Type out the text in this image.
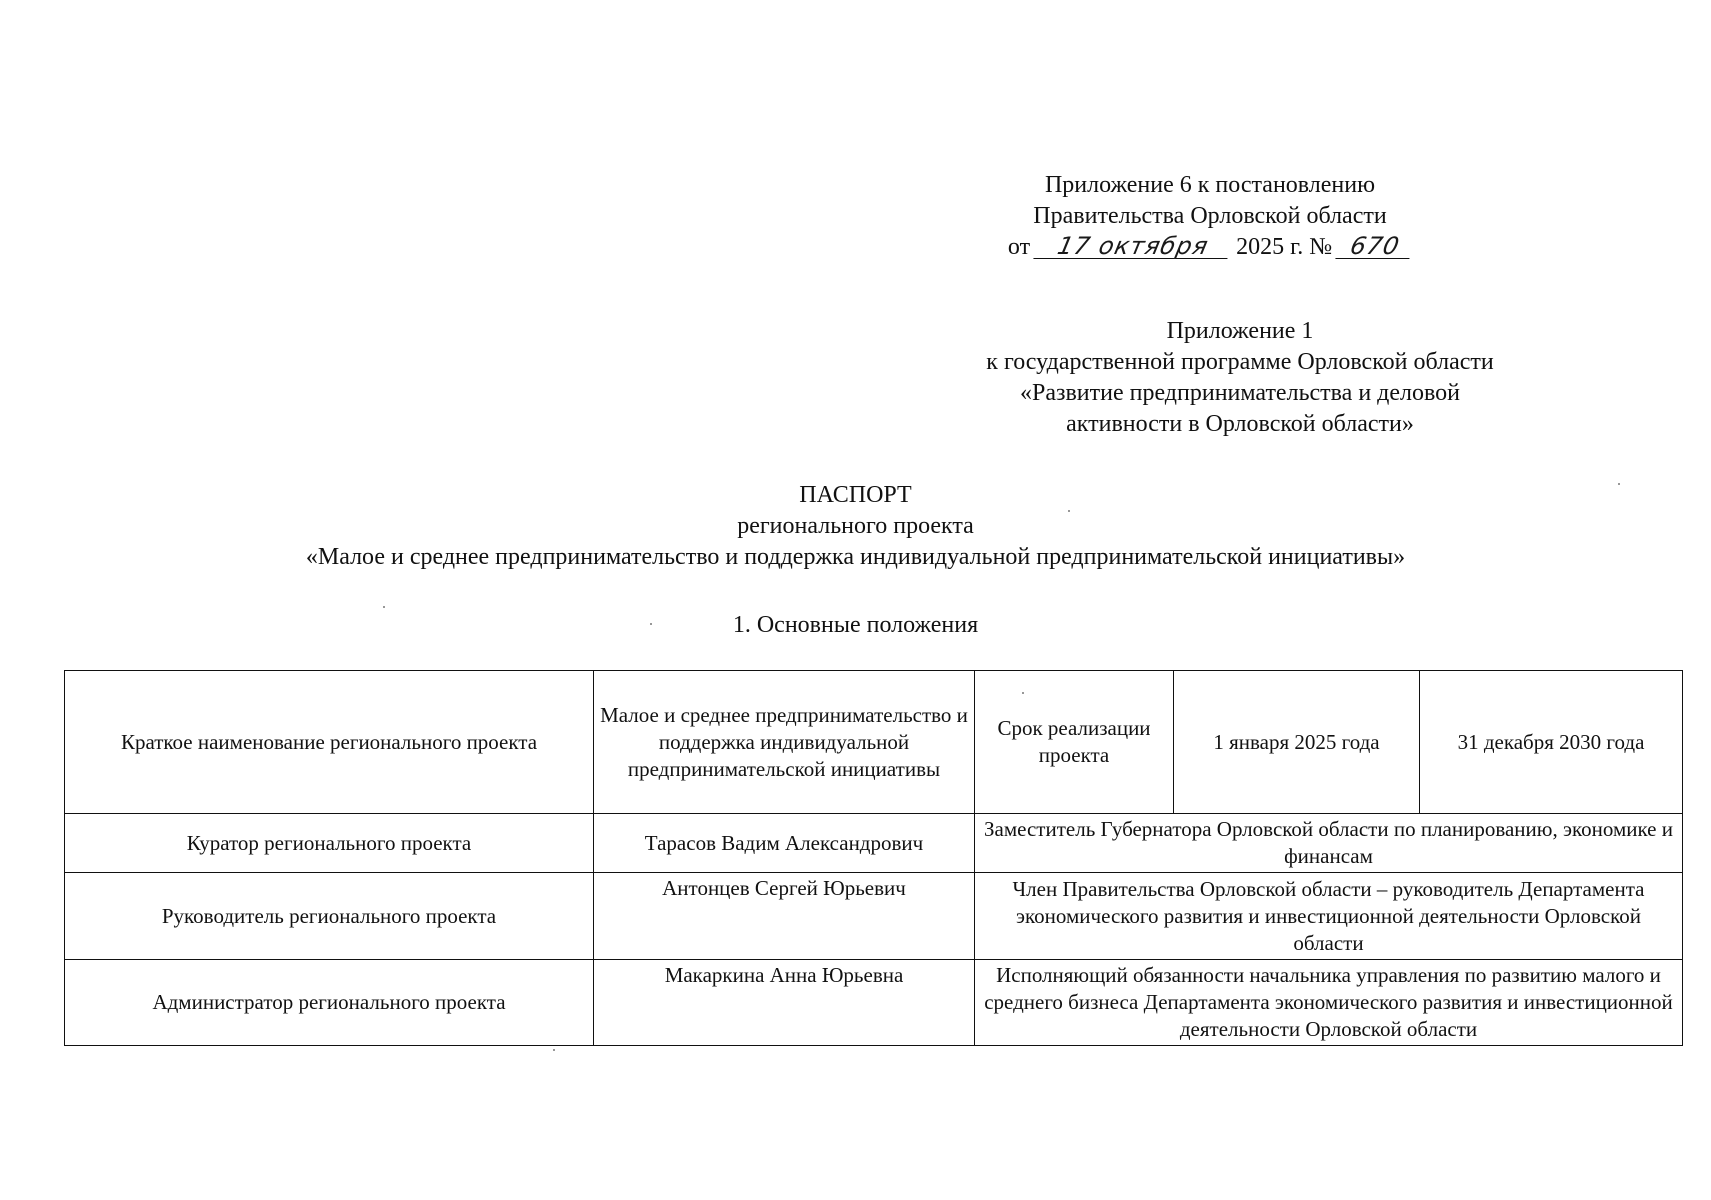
Приложение 6 к постановлению
Правительства Орловской области
от 17 октября 2025 г. № 670
Приложение 1
к государственной программе Орловской области
«Развитие предпринимательства и деловой
активности в Орловской области»
ПАСПОРТ
регионального проекта
«Малое и среднее предпринимательство и поддержка индивидуальной предпринимательской инициативы»
1. Основные положения
Краткое наименование регионального проекта	Малое и среднее предпринимательство и поддержка индивидуальной предпринимательской инициативы	Срок реализации проекта	1 января 2025 года	31 декабря 2030 года
Куратор регионального проекта	Тарасов Вадим Александрович	Заместитель Губернатора Орловской области по планированию, экономике и финансам		
Руководитель регионального проекта	Антонцев Сергей Юрьевич	Член Правительства Орловской области – руководитель Департамента экономического развития и инвестиционной деятельности Орловской области		
Администратор регионального проекта	Макаркина Анна Юрьевна	Исполняющий обязанности начальника управления по развитию малого и среднего бизнеса Департамента экономического развития и инвестиционной деятельности Орловской области		
